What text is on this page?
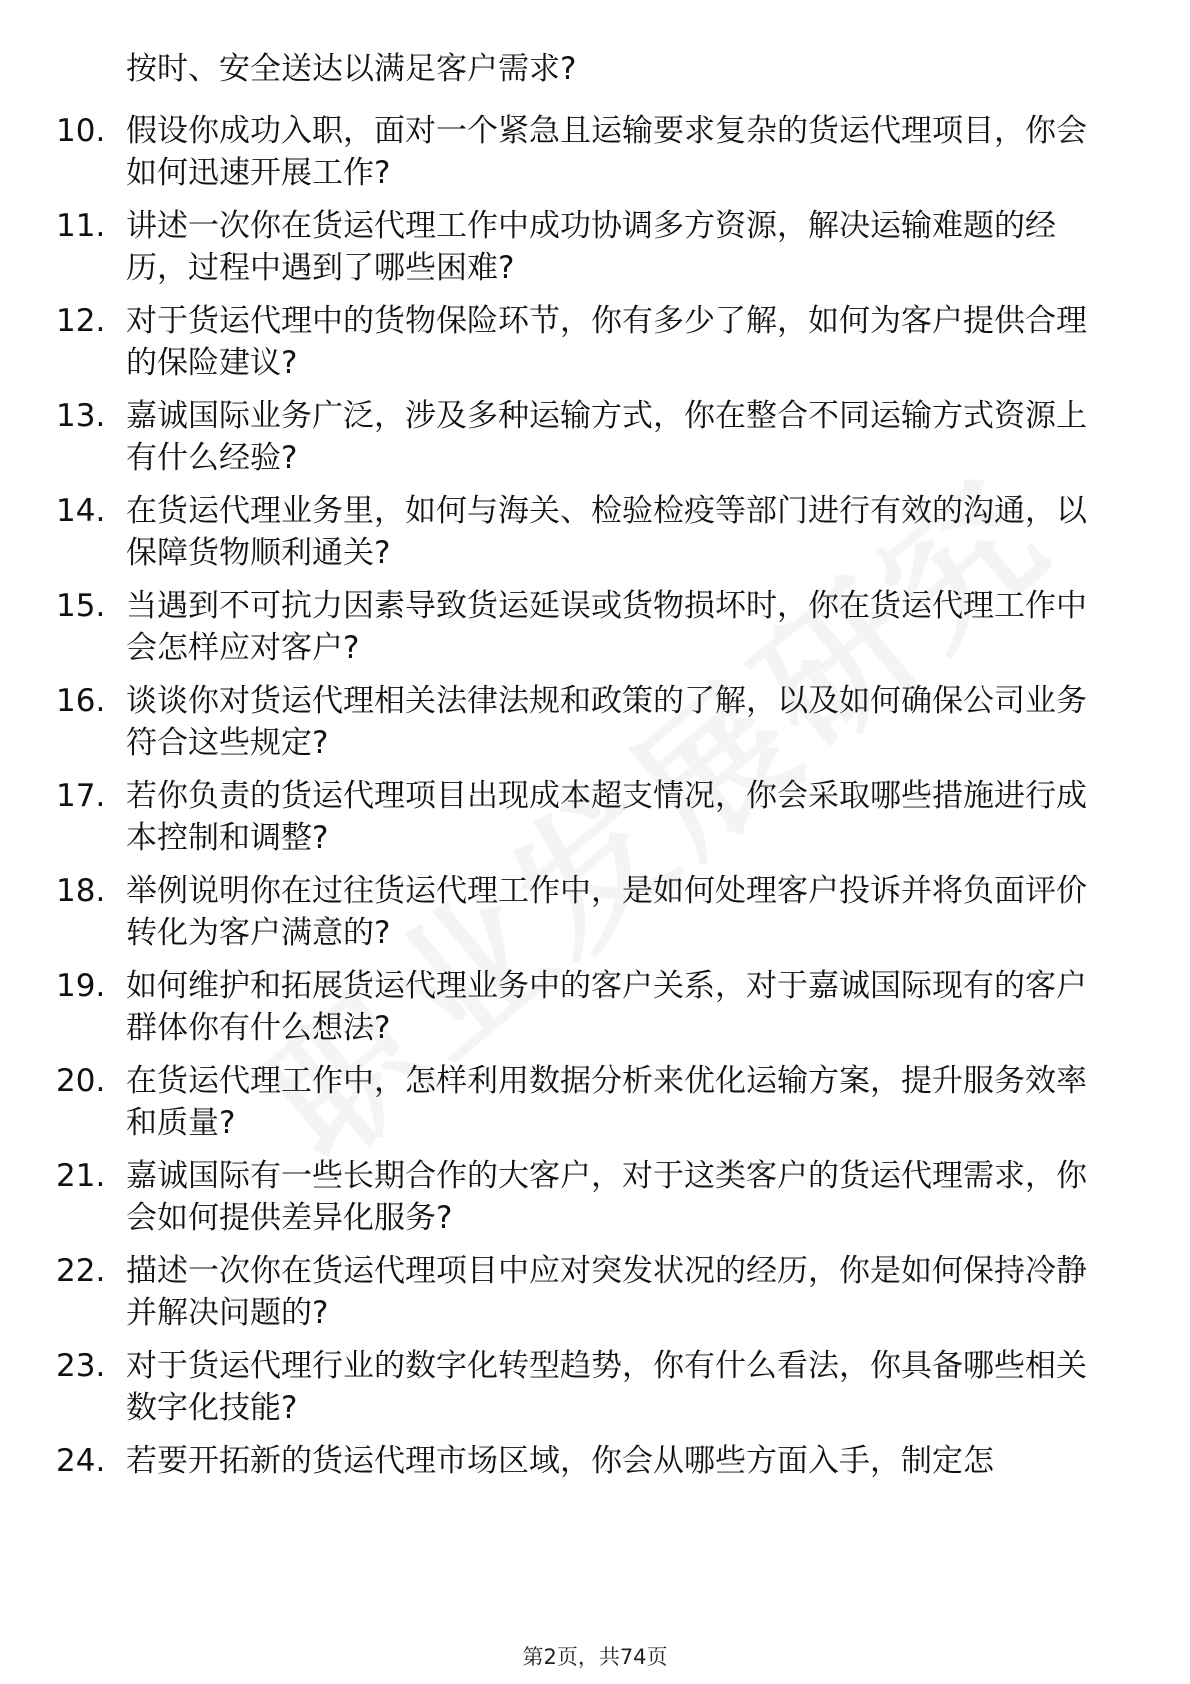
按时、安全送达以满足客户需求?
10. 假设你成功入职，面对一个紧急且运输要求复杂的货运代理项目，你会如何迅速开展工作?
11. 讲述一次你在货运代理工作中成功协调多方资源，解决运输难题的经历，过程中遇到了哪些困难?
12. 对于货运代理中的货物保险环节，你有多少了解，如何为客户提供合理的保险建议?
13. 嘉诚国际业务广泛，涉及多种运输方式，你在整合不同运输方式资源上有什么经验?
14. 在货运代理业务里，如何与海关、检验检疫等部门进行有效的沟通，以保障货物顺利通关?
15. 当遇到不可抗力因素导致货运延误或货物损坏时，你在货运代理工作中会怎样应对客户?
16. 谈谈你对货运代理相关法律法规和政策的了解，以及如何确保公司业务符合这些规定?
17. 若你负责的货运代理项目出现成本超支情况，你会采取哪些措施进行成本控制和调整?
18. 举例说明你在过往货运代理工作中，是如何处理客户投诉并将负面评价转化为客户满意的?
19. 如何维护和拓展货运代理业务中的客户关系，对于嘉诚国际现有的客户群体你有什么想法?
20. 在货运代理工作中，怎样利用数据分析来优化运输方案，提升服务效率和质量?
21. 嘉诚国际有一些长期合作的大客户，对于这类客户的货运代理需求，你会如何提供差异化服务?
22. 描述一次你在货运代理项目中应对突发状况的经历，你是如何保持冷静并解决问题的?
23. 对于货运代理行业的数字化转型趋势，你有什么看法，你具备哪些相关数字化技能?
24. 若要开拓新的货运代理市场区域，你会从哪些方面入手，制定怎
第2页，共74页
